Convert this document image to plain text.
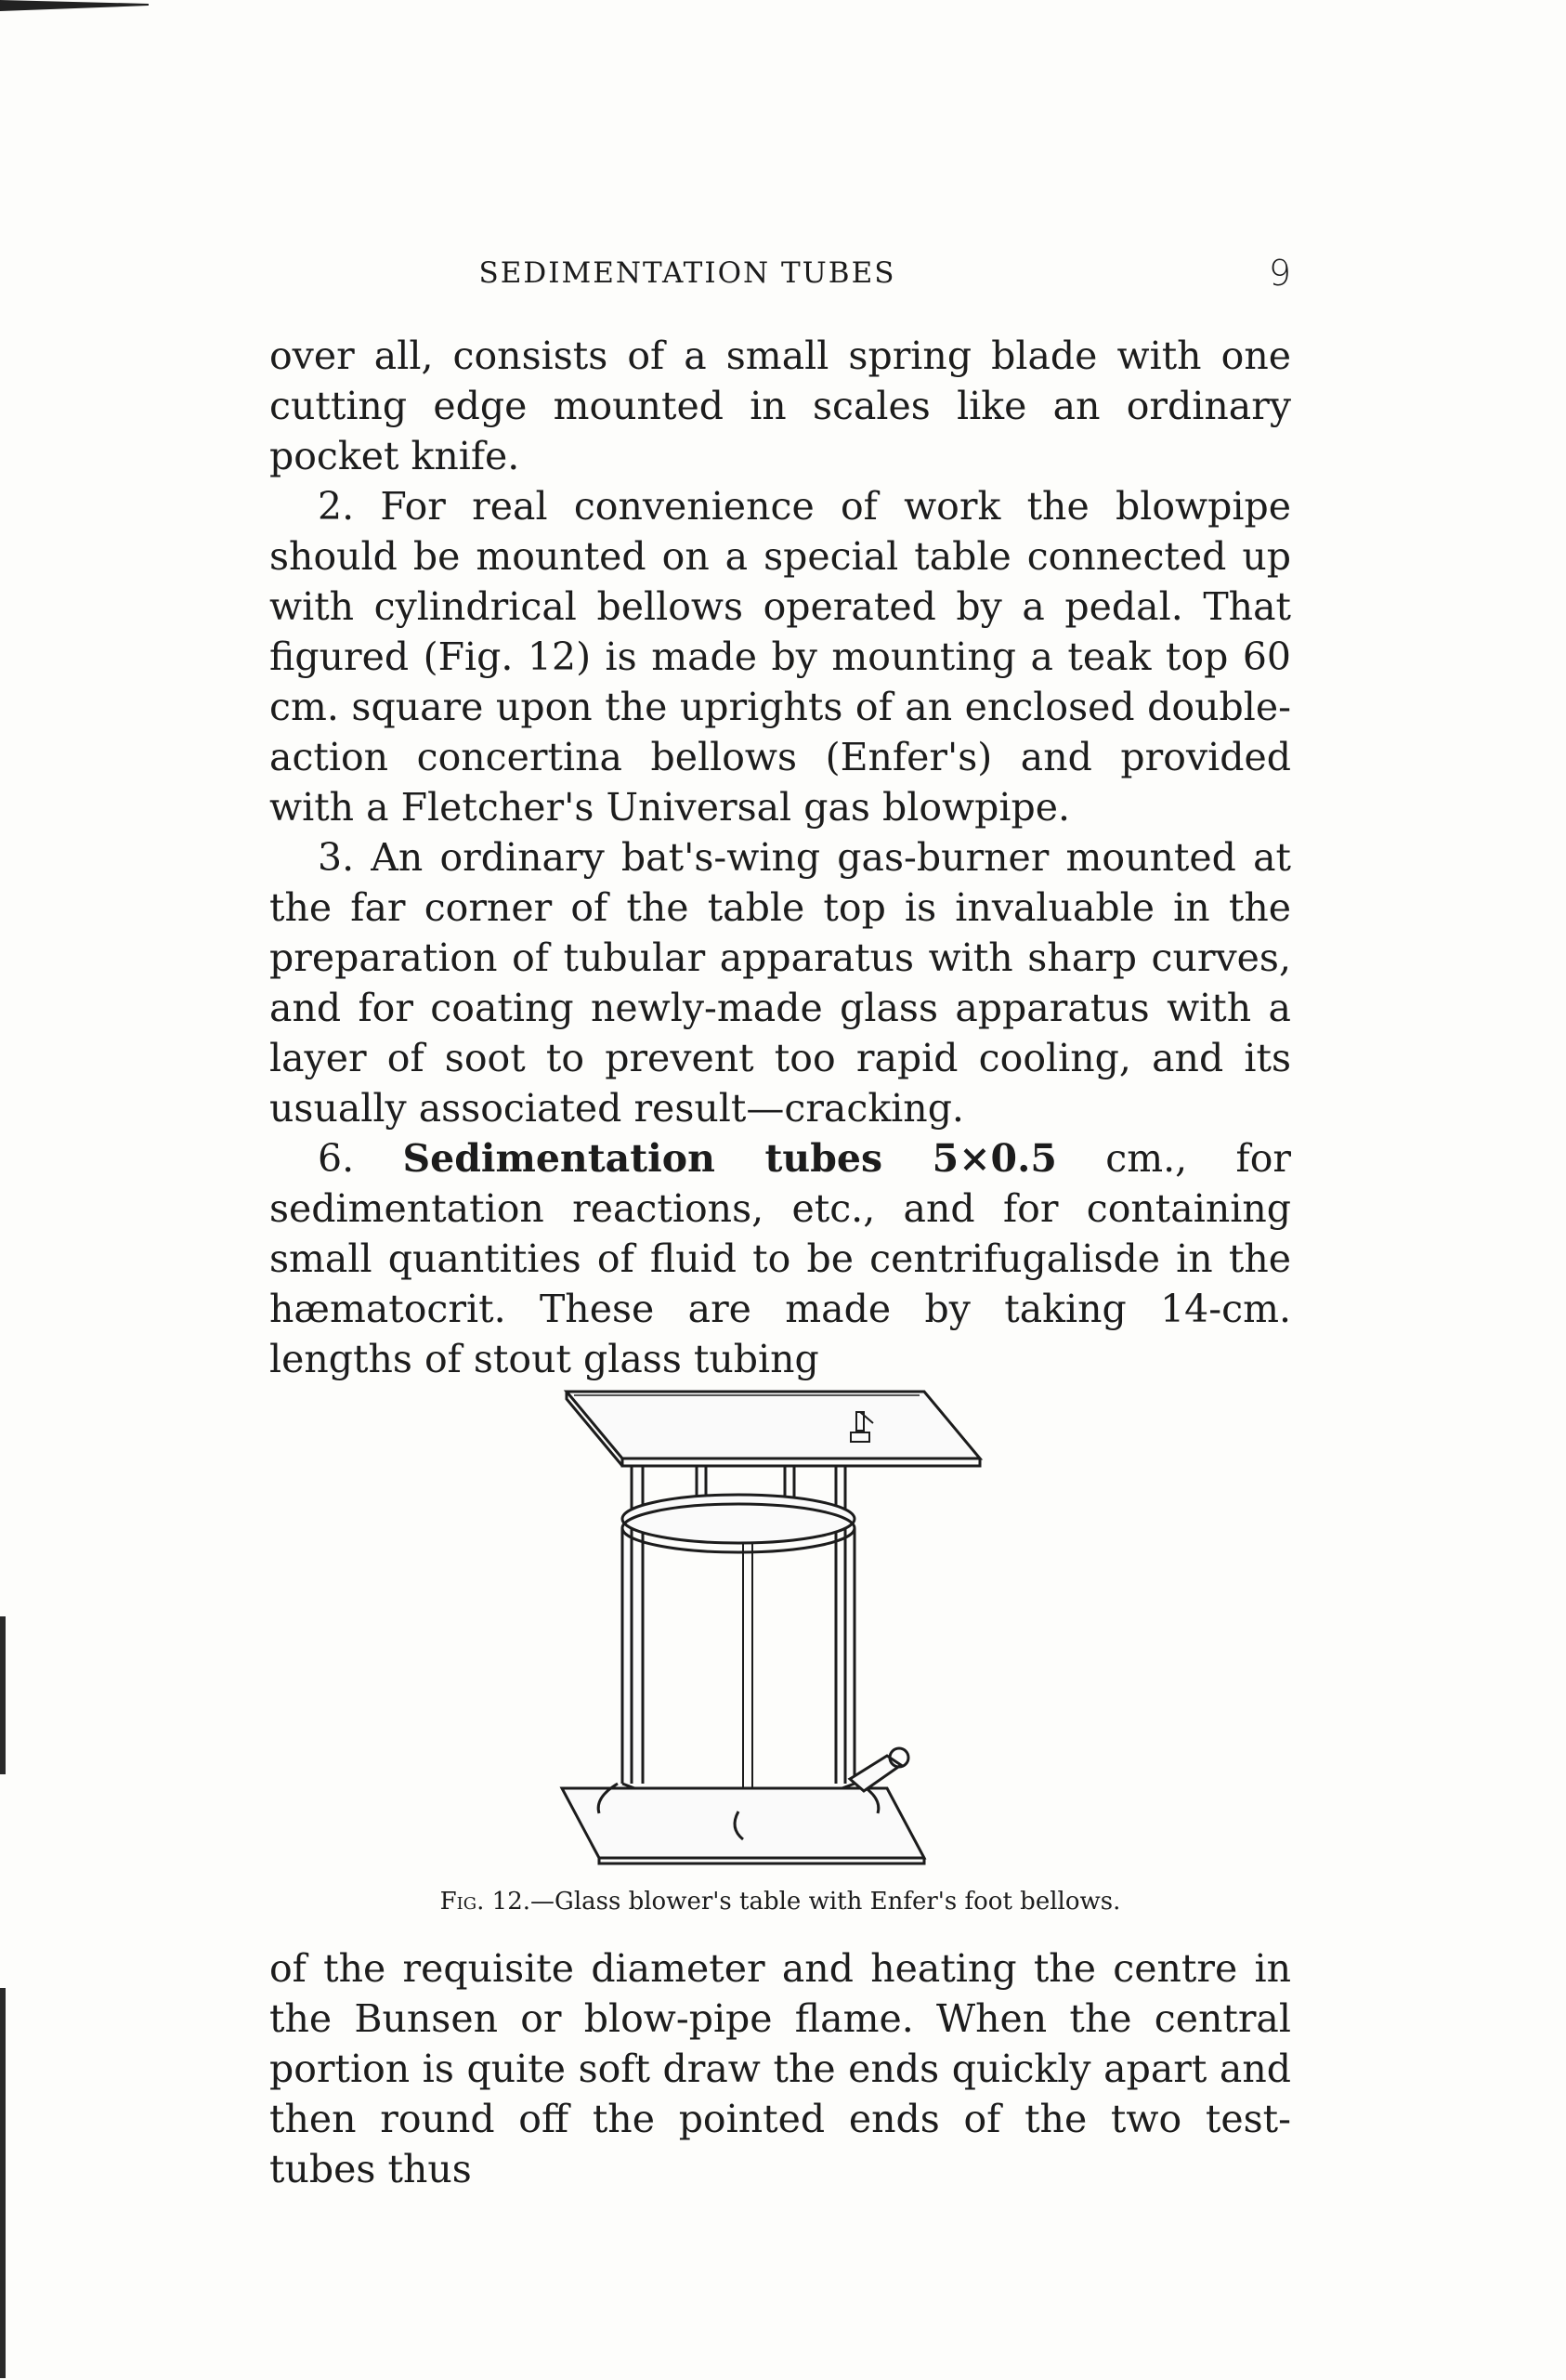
SEDIMENTATION TUBES	9

over all, consists of a small spring blade with one cutting edge mounted in scales like an ordinary pocket knife.

2. For real convenience of work the blowpipe should be mounted on a special table connected up with cylindrical bellows operated by a pedal. That figured (Fig. 12) is made by mounting a teak top 60 cm. square upon the uprights of an enclosed double-action concertina bellows (Enfer's) and provided with a Fletcher's Universal gas blowpipe.

3. An ordinary bat's-wing gas-burner mounted at the far corner of the table top is invaluable in the preparation of tubular apparatus with sharp curves, and for coating newly-made glass apparatus with a layer of soot to prevent too rapid cooling, and its usually associated result—cracking.

6. Sedimentation tubes 5×0.5 cm., for sedimentation reactions, etc., and for containing small quantities of fluid to be centrifugalisde in the hæmatocrit. These are made by taking 14-cm. lengths of stout glass tubing

Fig. 12.—Glass blower's table with Enfer's foot bellows.

of the requisite diameter and heating the centre in the Bunsen or blow-pipe flame. When the central portion is quite soft draw the ends quickly apart and then round off the pointed ends of the two test-tubes thus
